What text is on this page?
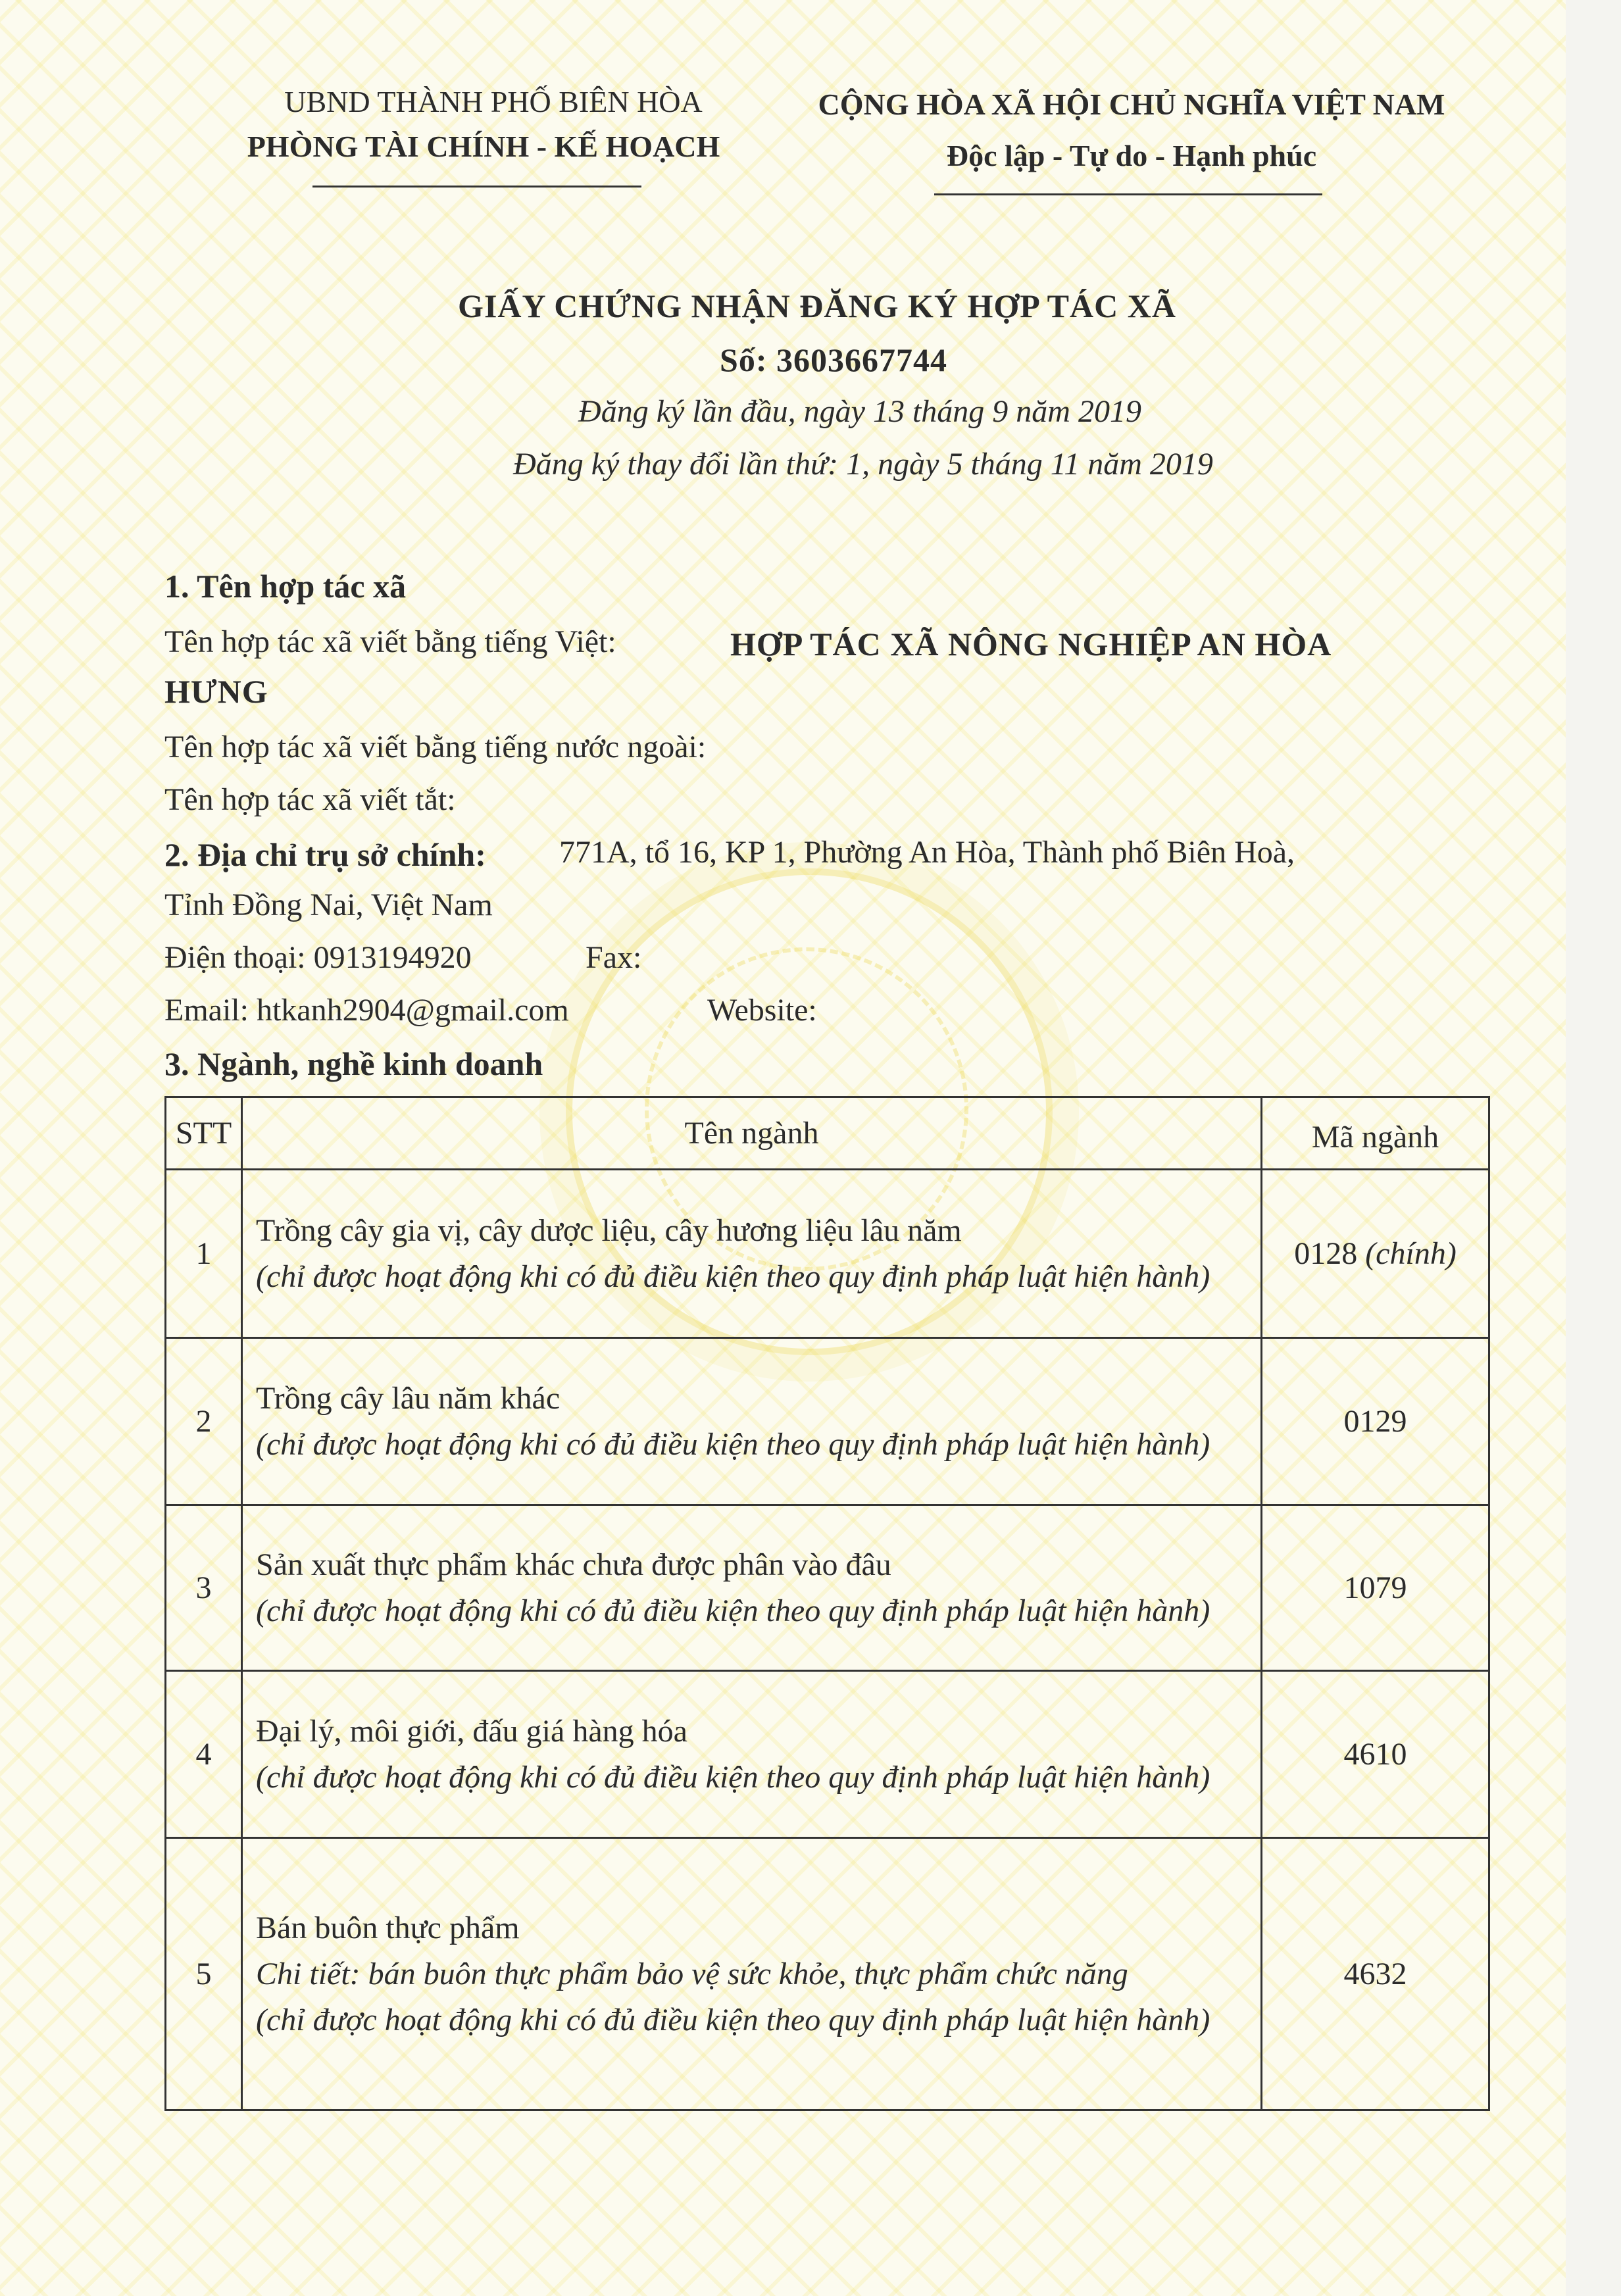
UBND THÀNH PHỐ BIÊN HÒA
PHÒNG TÀI CHÍNH - KẾ HOẠCH
CỘNG HÒA XÃ HỘI CHỦ NGHĨA VIỆT NAM
Độc lập - Tự do - Hạnh phúc
GIẤY CHỨNG NHẬN ĐĂNG KÝ HỢP TÁC XÃ
Số: 3603667744
Đăng ký lần đầu, ngày 13 tháng 9 năm 2019
Đăng ký thay đổi lần thứ: 1, ngày 5 tháng 11 năm 2019
1. Tên hợp tác xã
Tên hợp tác xã viết bằng tiếng Việt:	HỢP TÁC XÃ NÔNG NGHIỆP AN HÒA
HƯNG
Tên hợp tác xã viết bằng tiếng nước ngoài:
Tên hợp tác xã viết tắt:
2. Địa chỉ trụ sở chính: 771A, tổ 16, KP 1, Phường An Hòa, Thành phố Biên Hoà,
Tỉnh Đồng Nai, Việt Nam
Điện thoại: 0913194920	Fax:
Email: htkanh2904@gmail.com	Website:
3. Ngành, nghề kinh doanh
STT	Tên ngành	Mã ngành
1	Trồng cây gia vị, cây dược liệu, cây hương liệu lâu năm
(chỉ được hoạt động khi có đủ điều kiện theo quy định pháp luật hiện hành)	0128 (chính)
2	Trồng cây lâu năm khác
(chỉ được hoạt động khi có đủ điều kiện theo quy định pháp luật hiện hành)	0129
3	Sản xuất thực phẩm khác chưa được phân vào đâu
(chỉ được hoạt động khi có đủ điều kiện theo quy định pháp luật hiện hành)	1079
4	Đại lý, môi giới, đấu giá hàng hóa
(chỉ được hoạt động khi có đủ điều kiện theo quy định pháp luật hiện hành)	4610
5	Bán buôn thực phẩm
Chi tiết: bán buôn thực phẩm bảo vệ sức khỏe, thực phẩm chức năng
(chỉ được hoạt động khi có đủ điều kiện theo quy định pháp luật hiện hành)	4632
